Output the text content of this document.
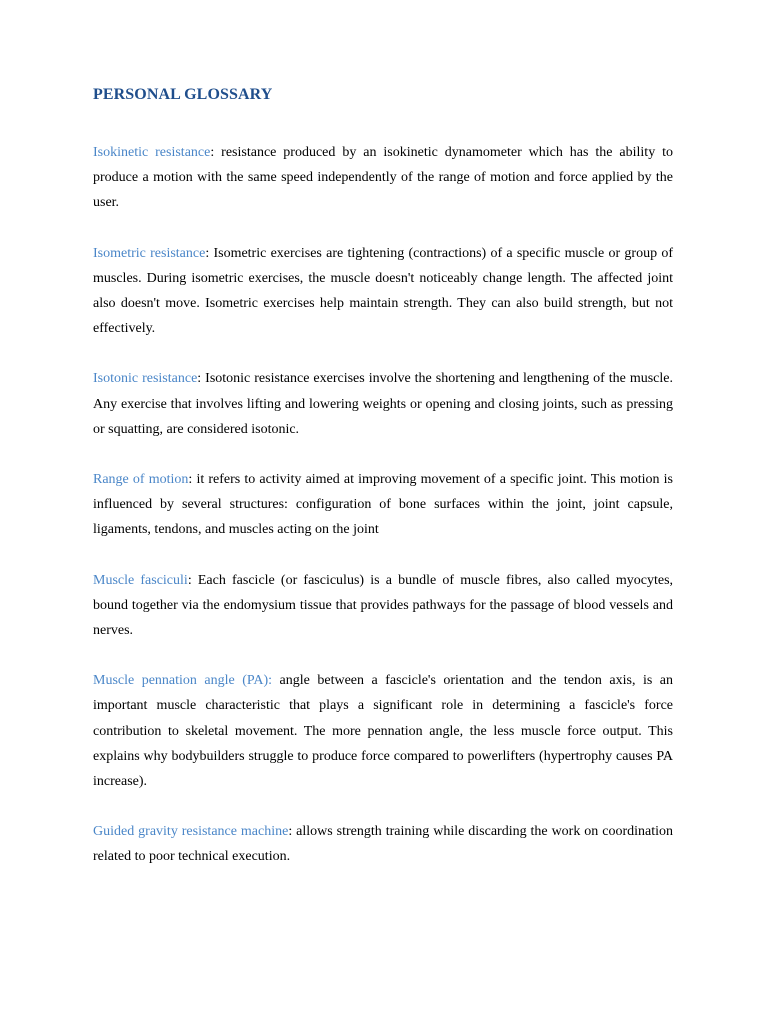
PERSONAL GLOSSARY

Isokinetic resistance: resistance produced by an isokinetic dynamometer which has the ability to produce a motion with the same speed independently of the range of motion and force applied by the user.

Isometric resistance: Isometric exercises are tightening (contractions) of a specific muscle or group of muscles. During isometric exercises, the muscle doesn't noticeably change length. The affected joint also doesn't move. Isometric exercises help maintain strength. They can also build strength, but not effectively.

Isotonic resistance: Isotonic resistance exercises involve the shortening and lengthening of the muscle. Any exercise that involves lifting and lowering weights or opening and closing joints, such as pressing or squatting, are considered isotonic.

Range of motion: it refers to activity aimed at improving movement of a specific joint. This motion is influenced by several structures: configuration of bone surfaces within the joint, joint capsule, ligaments, tendons, and muscles acting on the joint

Muscle fasciculi: Each fascicle (or fasciculus) is a bundle of muscle fibres, also called myocytes, bound together via the endomysium tissue that provides pathways for the passage of blood vessels and nerves.

Muscle pennation angle (PA): angle between a fascicle's orientation and the tendon axis, is an important muscle characteristic that plays a significant role in determining a fascicle's force contribution to skeletal movement. The more pennation angle, the less muscle force output. This explains why bodybuilders struggle to produce force compared to powerlifters (hypertrophy causes PA increase).

Guided gravity resistance machine: allows strength training while discarding the work on coordination related to poor technical execution.
